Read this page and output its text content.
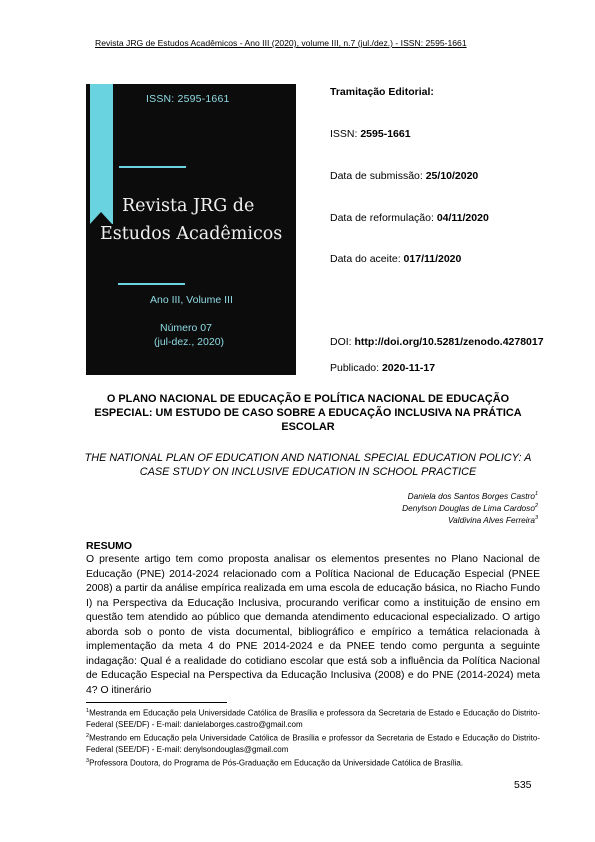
Revista JRG de Estudos Acadêmicos - Ano III (2020), volume III, n.7 (jul./dez.) - ISSN: 2595-1661
ISSN: 2595-1661
Revista JRG de
Estudos Acadêmicos
Ano III, Volume III
Número 07
(jul-dez., 2020)
Tramitação Editorial:
ISSN: 2595-1661
Data de submissão: 25/10/2020
Data de reformulação: 04/11/2020
Data do aceite: 017/11/2020
DOI: http://doi.org/10.5281/zenodo.4278017
Publicado: 2020-11-17
O PLANO NACIONAL DE EDUCAÇÃO E POLÍTICA NACIONAL DE EDUCAÇÃO ESPECIAL: UM ESTUDO DE CASO SOBRE A EDUCAÇÃO INCLUSIVA NA PRÁTICA ESCOLAR
THE NATIONAL PLAN OF EDUCATION AND NATIONAL SPECIAL EDUCATION POLICY: A CASE STUDY ON INCLUSIVE EDUCATION IN SCHOOL PRACTICE
Daniela dos Santos Borges Castro$^1$
Denylson Douglas de Lima Cardoso$^2$
Valdivina Alves Ferreira$^3$
RESUMO
O presente artigo tem como proposta analisar os elementos presentes no Plano Nacional de Educação (PNE) 2014-2024 relacionado com a Política Nacional de Educação Especial (PNEE 2008) a partir da análise empírica realizada em uma escola de educação básica, no Riacho Fundo I) na Perspectiva da Educação Inclusiva, procurando verificar como a instituição de ensino em questão tem atendido ao público que demanda atendimento educacional especializado. O artigo aborda sob o ponto de vista documental, bibliográfico e empírico a temática relacionada à implementação da meta 4 do PNE 2014-2024 e da PNEE tendo como pergunta a seguinte indagação: Qual é a realidade do cotidiano escolar que está sob a influência da Política Nacional de Educação Especial na Perspectiva da Educação Inclusiva (2008) e do PNE (2014-2024) meta 4? O itinerário

$^1$Mestranda em Educação pela Universidade Católica de Brasília e professora da Secretaria de Estado e Educação do Distrito-Federal (SEE/DF) - E-mail: danielaborges.castro@gmail.com

$^2$Mestrando em Educação pela Universidade Católica de Brasília e professor da Secretaria de Estado e Educação do Distrito-Federal (SEE/DF) - E-mail: denylsondouglas@gmail.com

$^3$Professora Doutora, do Programa de Pós-Graduação em Educação da Universidade Católica de Brasília.

535
